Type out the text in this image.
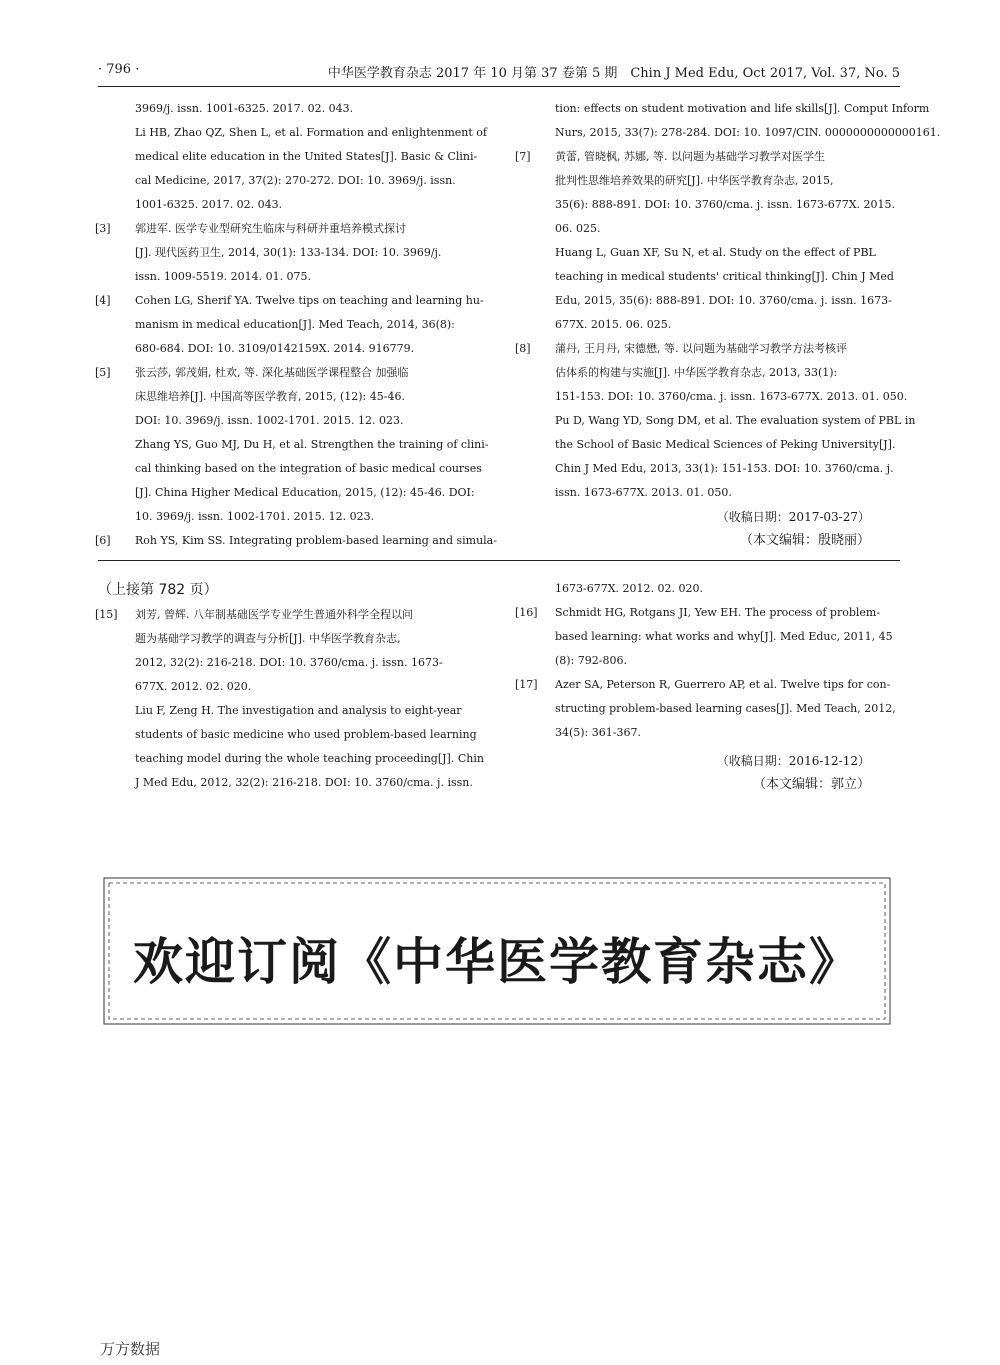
· 796 ·	中华医学教育杂志 2017 年 10 月第 37 卷第 5 期　Chin J Med Edu, Oct 2017, Vol. 37, No. 5
3969/j. issn. 1001-6325. 2017. 02. 043.
Li HB, Zhao QZ, Shen L, et al. Formation and enlightenment of
medical elite education in the United States[J]. Basic & Clini-
cal Medicine, 2017, 37(2): 270-272. DOI: 10. 3969/j. issn.
1001-6325. 2017. 02. 043.
[3] 郭进军. 医学专业型研究生临床与科研并重培养模式探讨
[J]. 现代医药卫生, 2014, 30(1): 133-134. DOI: 10. 3969/j.
issn. 1009-5519. 2014. 01. 075.
[4] Cohen LG, Sherif YA. Twelve tips on teaching and learning hu-
manism in medical education[J]. Med Teach, 2014, 36(8):
680-684. DOI: 10. 3109/0142159X. 2014. 916779.
[5] 张云莎, 郭茂娟, 杜欢, 等. 深化基础医学课程整合 加强临
床思维培养[J]. 中国高等医学教育, 2015, (12): 45-46.
DOI: 10. 3969/j. issn. 1002-1701. 2015. 12. 023.
Zhang YS, Guo MJ, Du H, et al. Strengthen the training of clini-
cal thinking based on the integration of basic medical courses
[J]. China Higher Medical Education, 2015, (12): 45-46. DOI:
10. 3969/j. issn. 1002-1701. 2015. 12. 023.
[6] Roh YS, Kim SS. Integrating problem-based learning and simula-
tion: effects on student motivation and life skills[J]. Comput Inform
Nurs, 2015, 33(7): 278-284. DOI: 10. 1097/CIN. 0000000000000161.
[7] 黄蕾, 管晓枫, 苏娜, 等. 以问题为基础学习教学对医学生
批判性思维培养效果的研究[J]. 中华医学教育杂志, 2015,
35(6): 888-891. DOI: 10. 3760/cma. j. issn. 1673-677X. 2015.
06. 025.
Huang L, Guan XF, Su N, et al. Study on the effect of PBL
teaching in medical students' critical thinking[J]. Chin J Med
Edu, 2015, 35(6): 888-891. DOI: 10. 3760/cma. j. issn. 1673-
677X. 2015. 06. 025.
[8] 蒲丹, 王月丹, 宋德懋, 等. 以问题为基础学习教学方法考核评
估体系的构建与实施[J]. 中华医学教育杂志, 2013, 33(1):
151-153. DOI: 10. 3760/cma. j. issn. 1673-677X. 2013. 01. 050.
Pu D, Wang YD, Song DM, et al. The evaluation system of PBL in
the School of Basic Medical Sciences of Peking University[J].
Chin J Med Edu, 2013, 33(1): 151-153. DOI: 10. 3760/cma. j.
issn. 1673-677X. 2013. 01. 050.
（收稿日期：2017-03-27）
（本文编辑：殷晓丽）
（上接第 782 页）
[15] 刘芳, 曾辉. 八年制基础医学专业学生普通外科学全程以问
题为基础学习教学的调查与分析[J]. 中华医学教育杂志,
2012, 32(2): 216-218. DOI: 10. 3760/cma. j. issn. 1673-
677X. 2012. 02. 020.
Liu F, Zeng H. The investigation and analysis to eight-year
students of basic medicine who used problem-based learning
teaching model during the whole teaching proceeding[J]. Chin
J Med Edu, 2012, 32(2): 216-218. DOI: 10. 3760/cma. j. issn.
1673-677X. 2012. 02. 020.
[16] Schmidt HG, Rotgans JI, Yew EH. The process of problem-
based learning: what works and why[J]. Med Educ, 2011, 45
(8): 792-806.
[17] Azer SA, Peterson R, Guerrero AP, et al. Twelve tips for con-
structing problem-based learning cases[J]. Med Teach, 2012,
34(5): 361-367.
（收稿日期：2016-12-12）
（本文编辑：郭立）
欢迎订阅《中华医学教育杂志》
万方数据
